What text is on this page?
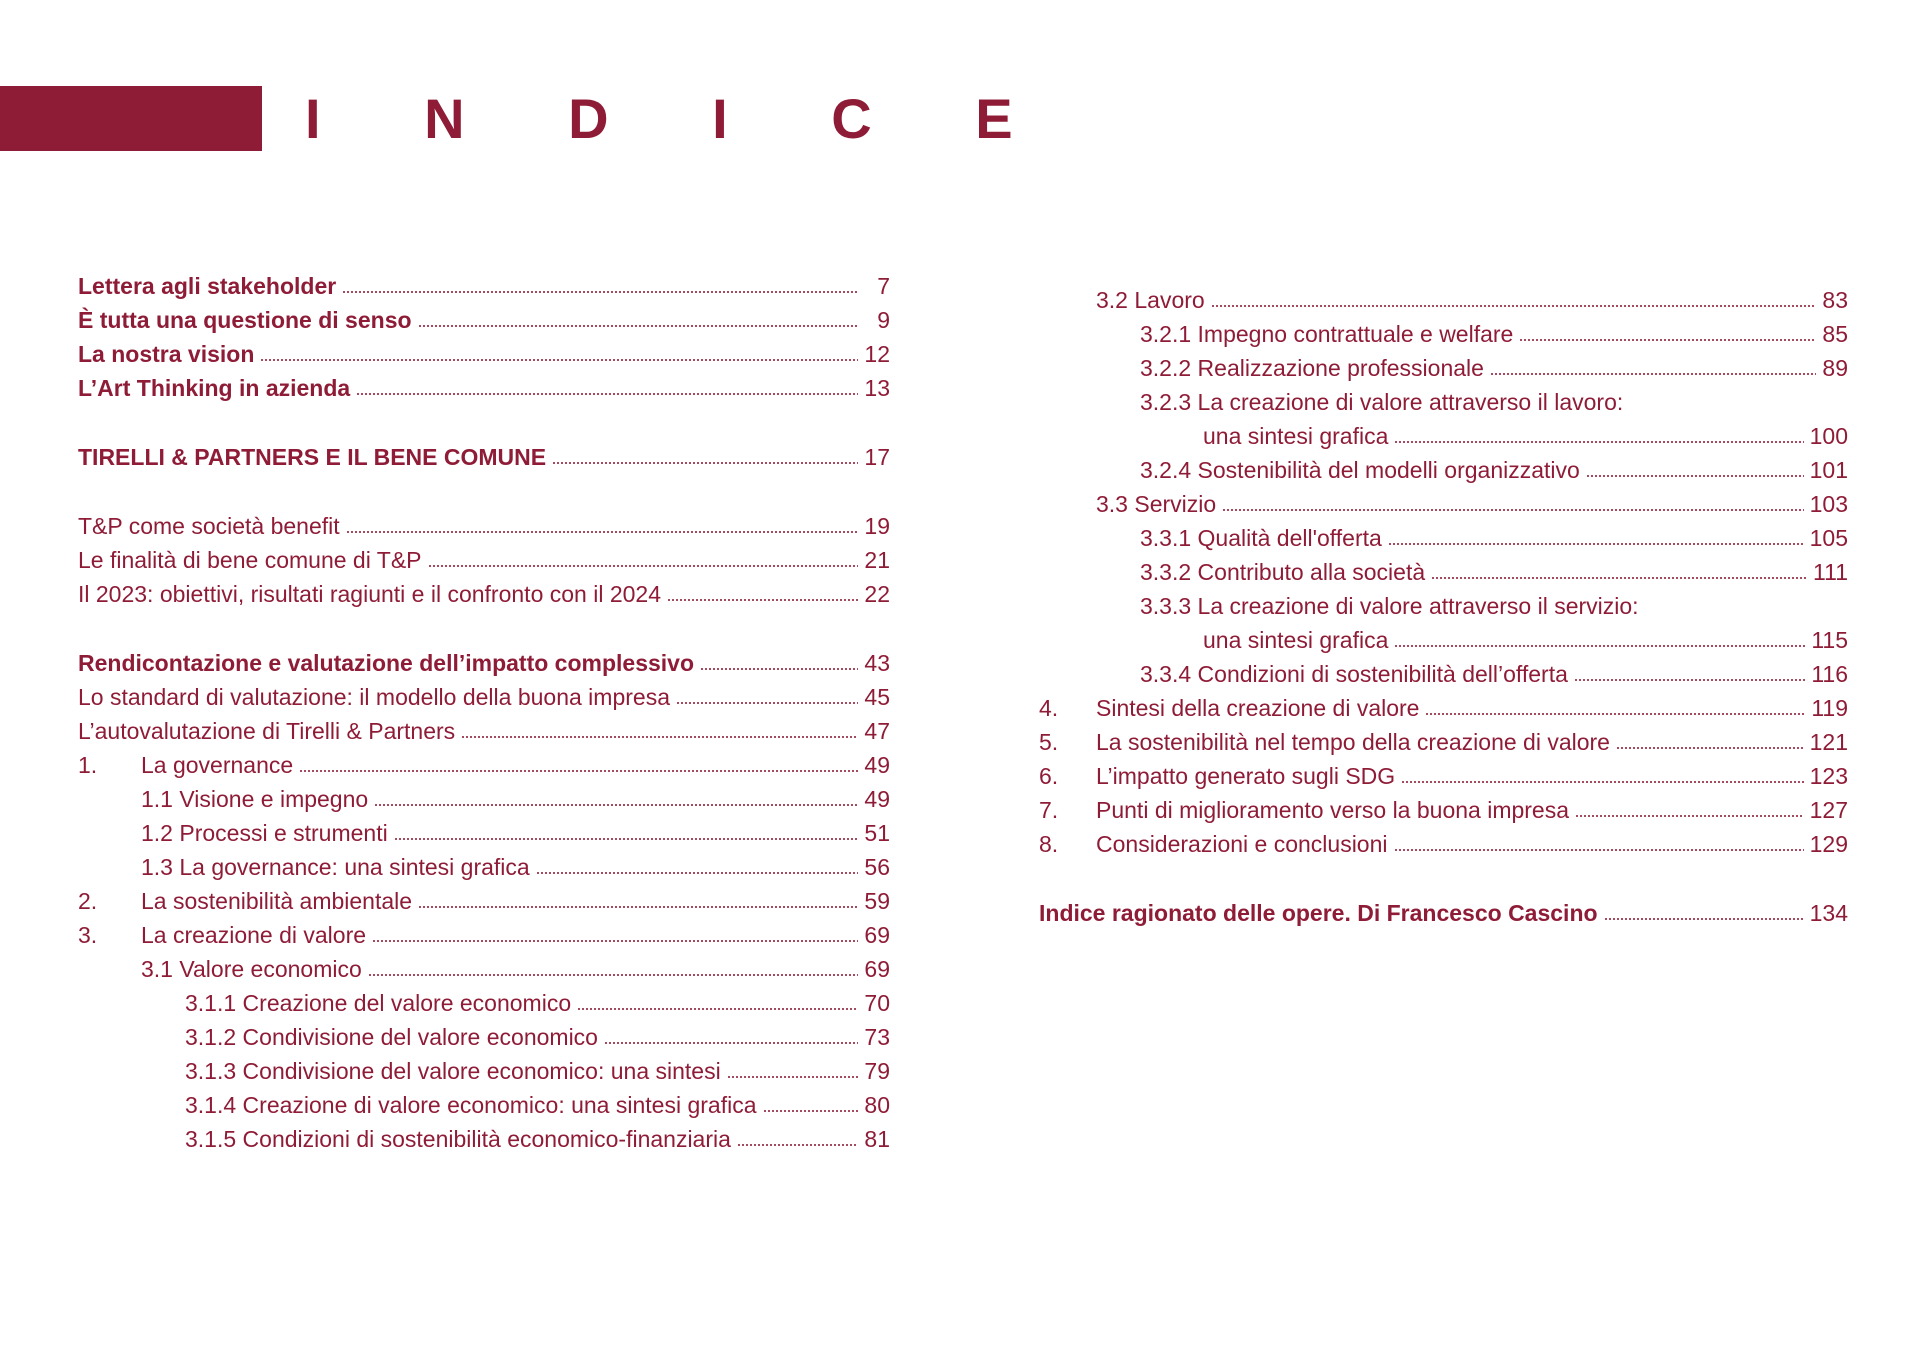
I N D I C E
Lettera agli stakeholder	7
È tutta una questione di senso	9
La nostra vision	12
L’Art Thinking in azienda	13
TIRELLI & PARTNERS E IL BENE COMUNE	17
T&P come società benefit	19
Le finalità di bene comune di T&P	21
Il 2023: obiettivi, risultati ragiunti e il confronto con il 2024	22
Rendicontazione e valutazione dell’impatto complessivo	43
Lo standard di valutazione: il modello della buona impresa	45
L’autovalutazione di Tirelli & Partners	47
1.	La governance	49
1.1 Visione e impegno	49
1.2 Processi e strumenti	51
1.3 La governance: una sintesi grafica	56
2.	La sostenibilità ambientale	59
3.	La creazione di valore	69
3.1 Valore economico	69
3.1.1 Creazione del valore economico	70
3.1.2 Condivisione del valore economico	73
3.1.3 Condivisione del valore economico: una sintesi	79
3.1.4 Creazione di valore economico: una sintesi grafica	80
3.1.5 Condizioni di sostenibilità economico-finanziaria	81
3.2 Lavoro	83
3.2.1 Impegno contrattuale e welfare	85
3.2.2 Realizzazione professionale	89
3.2.3 La creazione di valore attraverso il lavoro:
una sintesi grafica	100
3.2.4 Sostenibilità del modelli organizzativo	101
3.3 Servizio	103
3.3.1 Qualità dell'offerta	105
3.3.2 Contributo alla società	111
3.3.3 La creazione di valore attraverso il servizio:
una sintesi grafica	115
3.3.4 Condizioni di sostenibilità dell’offerta	116
4.	Sintesi della creazione di valore	119
5.	La sostenibilità nel tempo della creazione di valore	121
6.	L’impatto generato sugli SDG	123
7.	Punti di miglioramento verso la buona impresa	127
8.	Considerazioni e conclusioni	129
Indice ragionato delle opere. Di Francesco Cascino	134
